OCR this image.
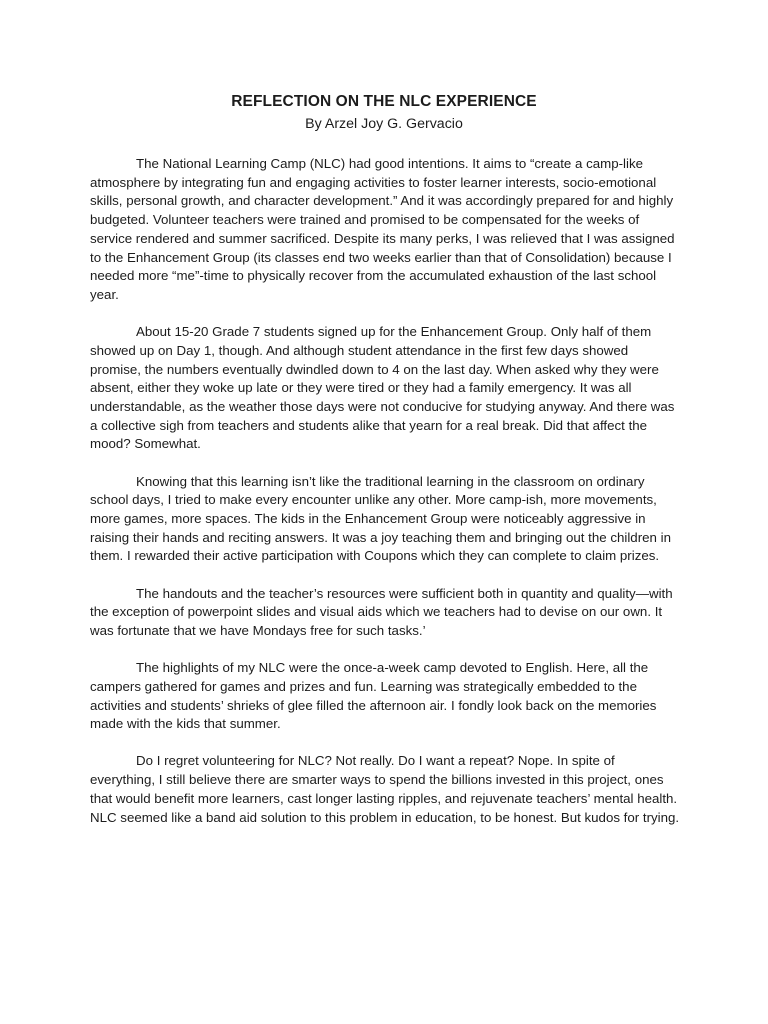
REFLECTION ON THE NLC EXPERIENCE

By Arzel Joy G. Gervacio

The National Learning Camp (NLC) had good intentions. It aims to “create a camp-like atmosphere by integrating fun and engaging activities to foster learner interests, socio-emotional skills, personal growth, and character development.” And it was accordingly prepared for and highly budgeted. Volunteer teachers were trained and promised to be compensated for the weeks of service rendered and summer sacrificed. Despite its many perks, I was relieved that I was assigned to the Enhancement Group (its classes end two weeks earlier than that of Consolidation) because I needed more “me”-time to physically recover from the accumulated exhaustion of the last school year.

About 15-20 Grade 7 students signed up for the Enhancement Group. Only half of them showed up on Day 1, though. And although student attendance in the first few days showed promise, the numbers eventually dwindled down to 4 on the last day. When asked why they were absent, either they woke up late or they were tired or they had a family emergency. It was all understandable, as the weather those days were not conducive for studying anyway. And there was a collective sigh from teachers and students alike that yearn for a real break. Did that affect the mood? Somewhat.

Knowing that this learning isn’t like the traditional learning in the classroom on ordinary school days, I tried to make every encounter unlike any other. More camp-ish, more movements, more games, more spaces. The kids in the Enhancement Group were noticeably aggressive in raising their hands and reciting answers. It was a joy teaching them and bringing out the children in them. I rewarded their active participation with Coupons which they can complete to claim prizes.

The handouts and the teacher’s resources were sufficient both in quantity and quality—with the exception of powerpoint slides and visual aids which we teachers had to devise on our own. It was fortunate that we have Mondays free for such tasks.’

The highlights of my NLC were the once-a-week camp devoted to English. Here, all the campers gathered for games and prizes and fun. Learning was strategically embedded to the activities and students’ shrieks of glee filled the afternoon air. I fondly look back on the memories made with the kids that summer.

Do I regret volunteering for NLC? Not really. Do I want a repeat? Nope. In spite of everything, I still believe there are smarter ways to spend the billions invested in this project, ones that would benefit more learners, cast longer lasting ripples, and rejuvenate teachers’ mental health. NLC seemed like a band aid solution to this problem in education, to be honest. But kudos for trying.
